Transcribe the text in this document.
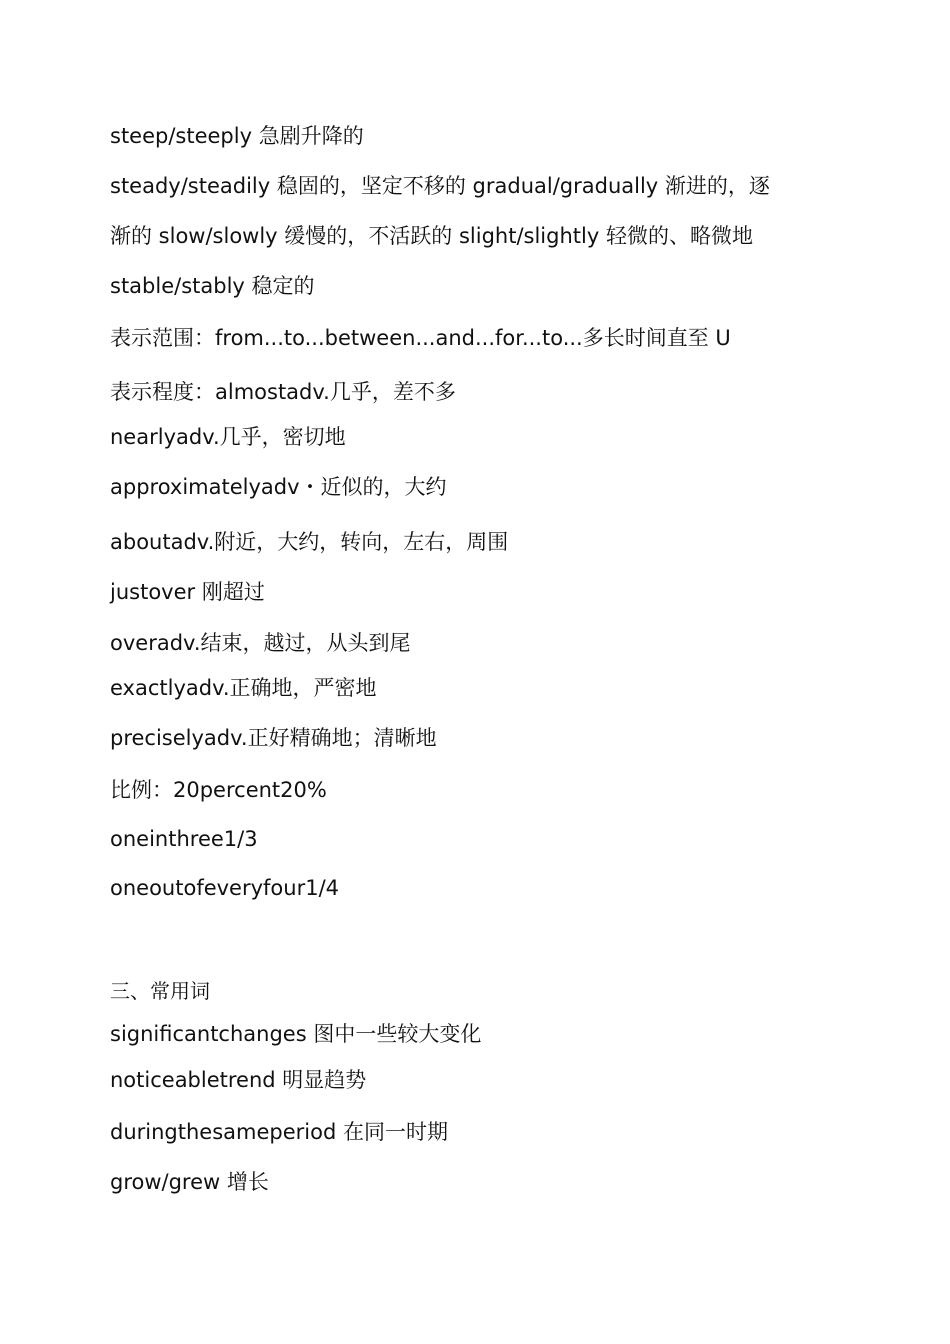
steep/steeply 急剧升降的
steady/steadily 稳固的，坚定不移的 gradual/gradually 渐进的，逐
渐的 slow/slowly 缓慢的，不活跃的 slight/slightly 轻微的、略微地
stable/stably 稳定的
表示范围：from...to...between...and...for...to...多长时间直至 U
表示程度：almostadv.几乎，差不多
nearlyadv.几乎，密切地
approximatelyadv・近似的，大约
aboutadv.附近，大约，转向，左右，周围
justover 刚超过
overadv.结束，越过，从头到尾
exactlyadv.正确地，严密地
preciselyadv.正好精确地；清晰地
比例：20percent20%
oneinthree1/3
oneoutofeveryfour1/4
三、常用词
significantchanges 图中一些较大变化
noticeabletrend 明显趋势
duringthesameperiod 在同一时期
grow/grew 增长
